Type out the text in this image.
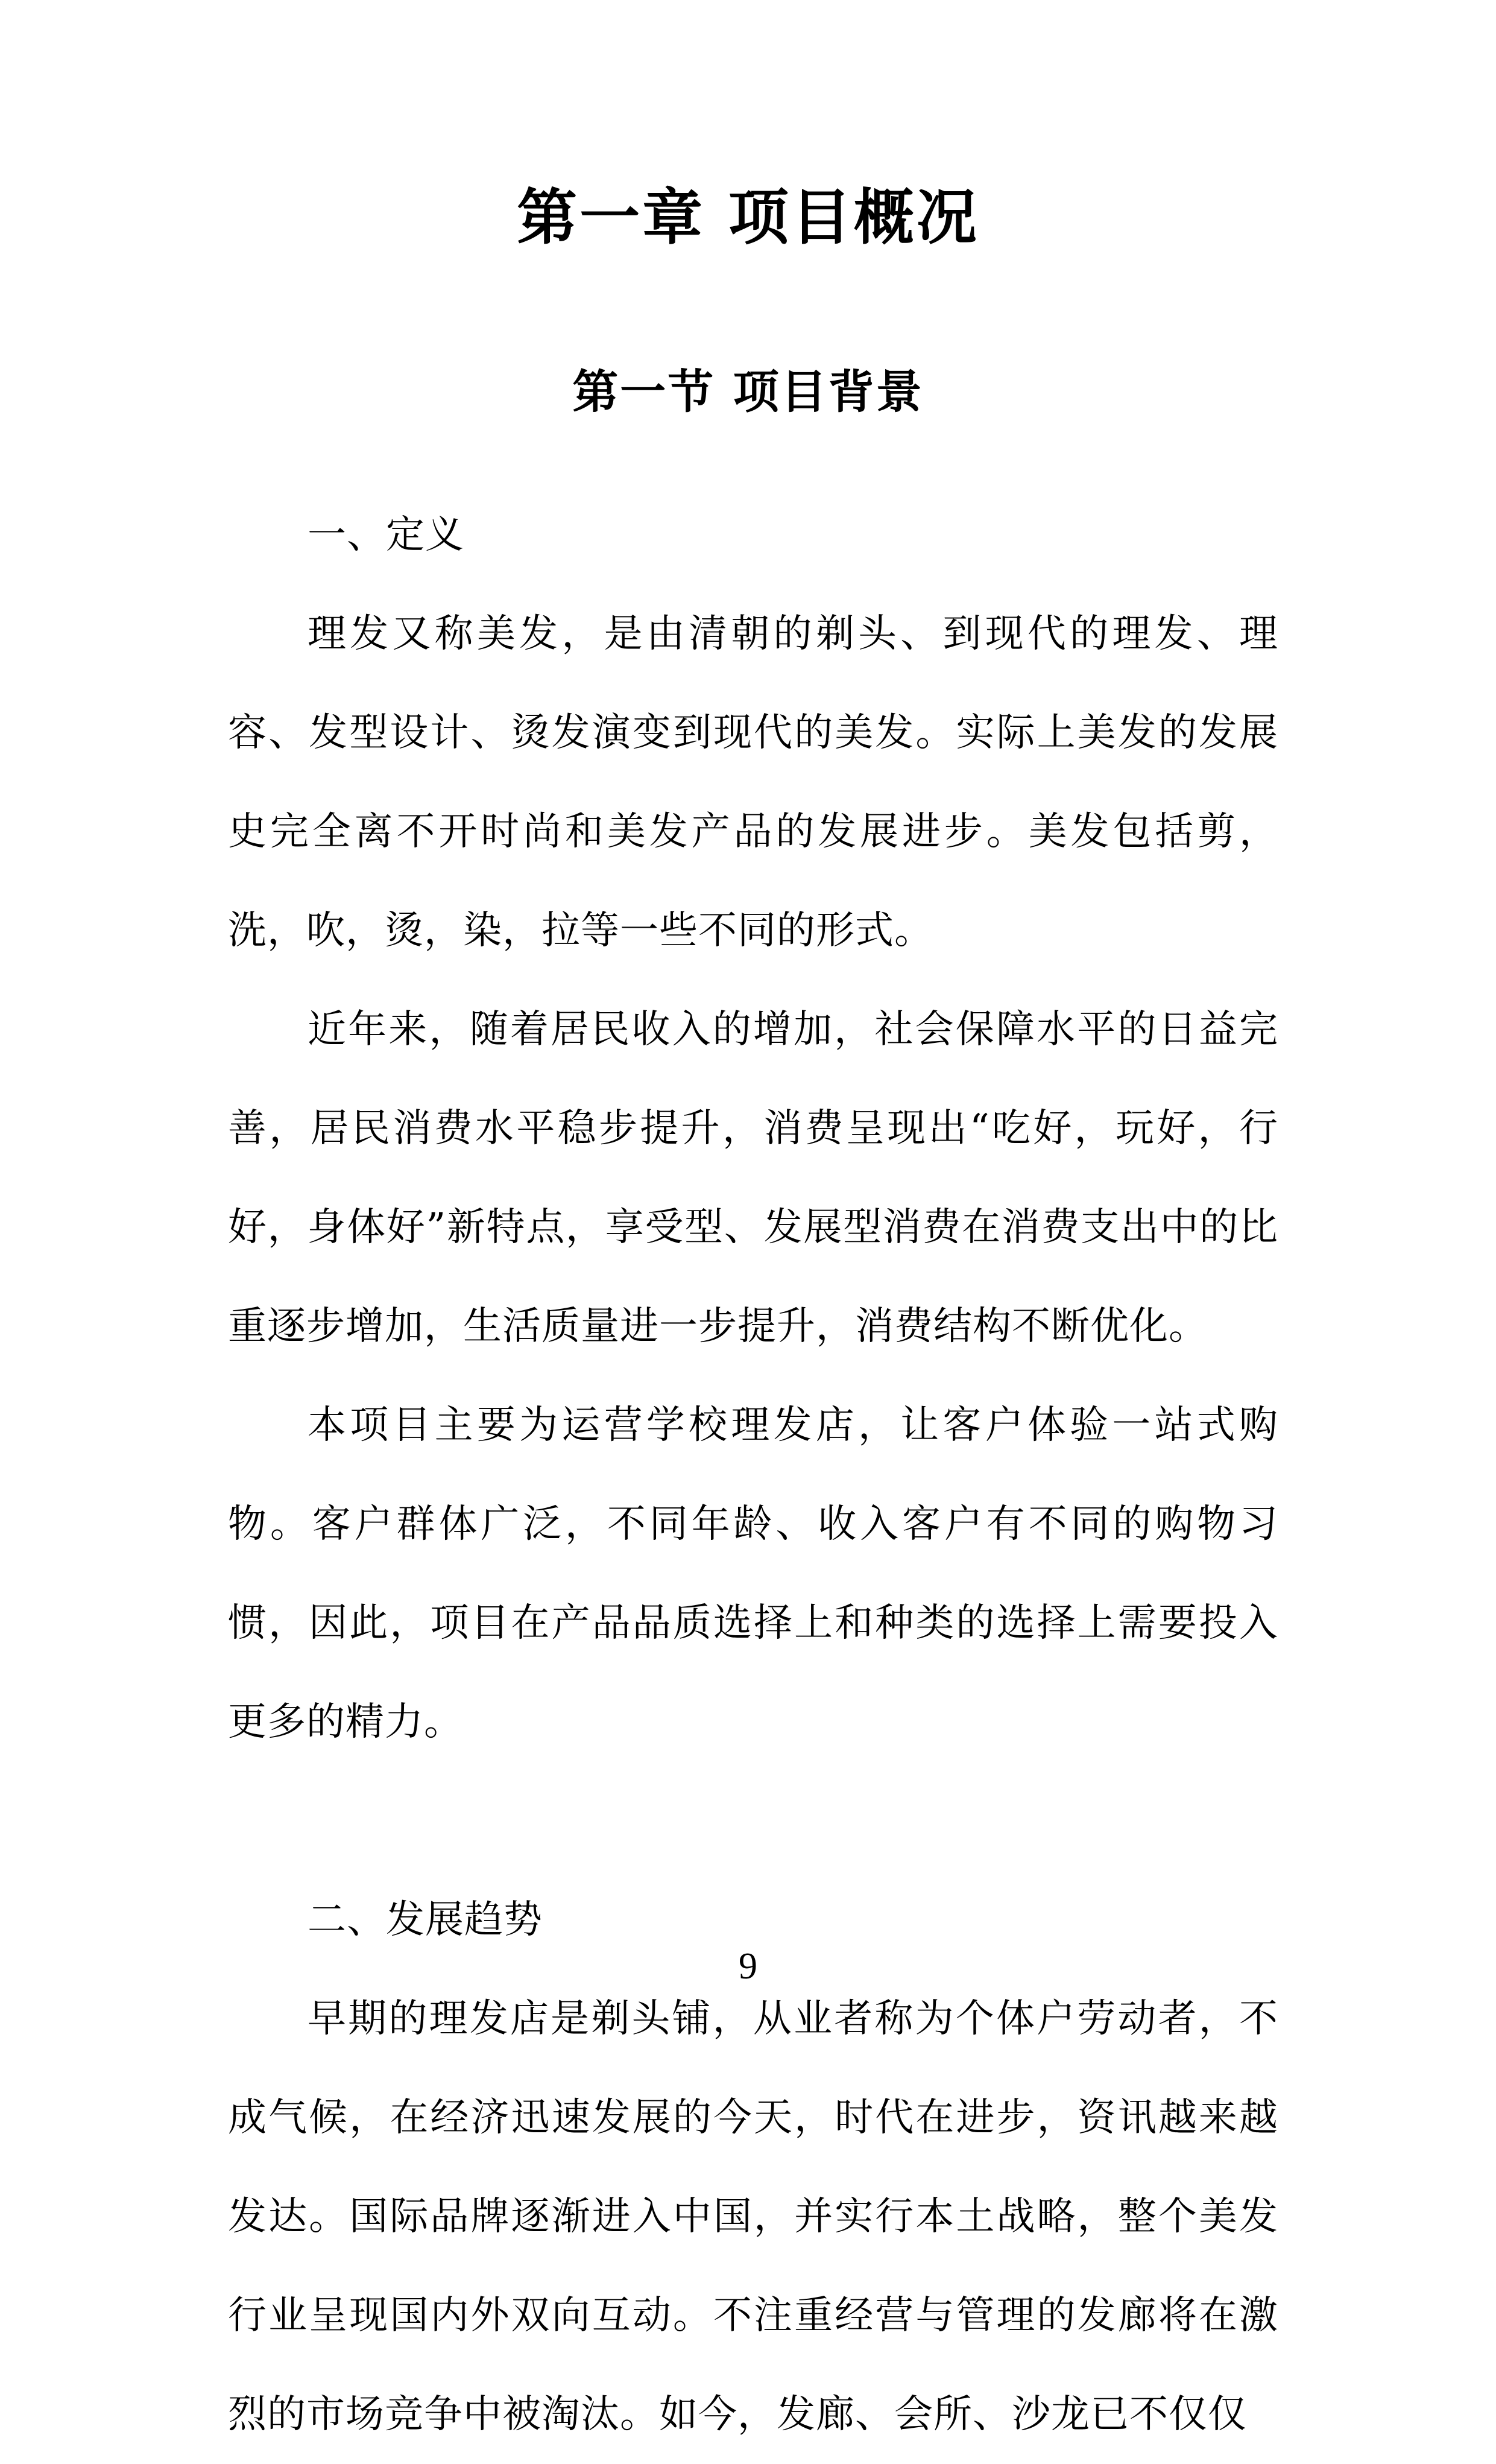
第一章 项目概况
第一节 项目背景

一、定义

理发又称美发，是由清朝的剃头、到现代的理发、理容、发型设计、烫发演变到现代的美发。实际上美发的发展史完全离不开时尚和美发产品的发展进步。美发包括剪，洗，吹，烫，染，拉等一些不同的形式。

近年来，随着居民收入的增加，社会保障水平的日益完善，居民消费水平稳步提升，消费呈现出“吃好，玩好，行好，身体好”新特点，享受型、发展型消费在消费支出中的比重逐步增加，生活质量进一步提升，消费结构不断优化。

本项目主要为运营学校理发店，让客户体验一站式购物。客户群体广泛，不同年龄、收入客户有不同的购物习惯，因此，项目在产品品质选择上和种类的选择上需要投入更多的精力。

二、发展趋势

早期的理发店是剃头铺，从业者称为个体户劳动者，不成气候，在经济迅速发展的今天，时代在进步，资讯越来越发达。国际品牌逐渐进入中国，并实行本土战略，整个美发行业呈现国内外双向互动。不注重经营与管理的发廊将在激烈的市场竞争中被淘汰。如今，发廊、会所、沙龙已不仅仅

9
